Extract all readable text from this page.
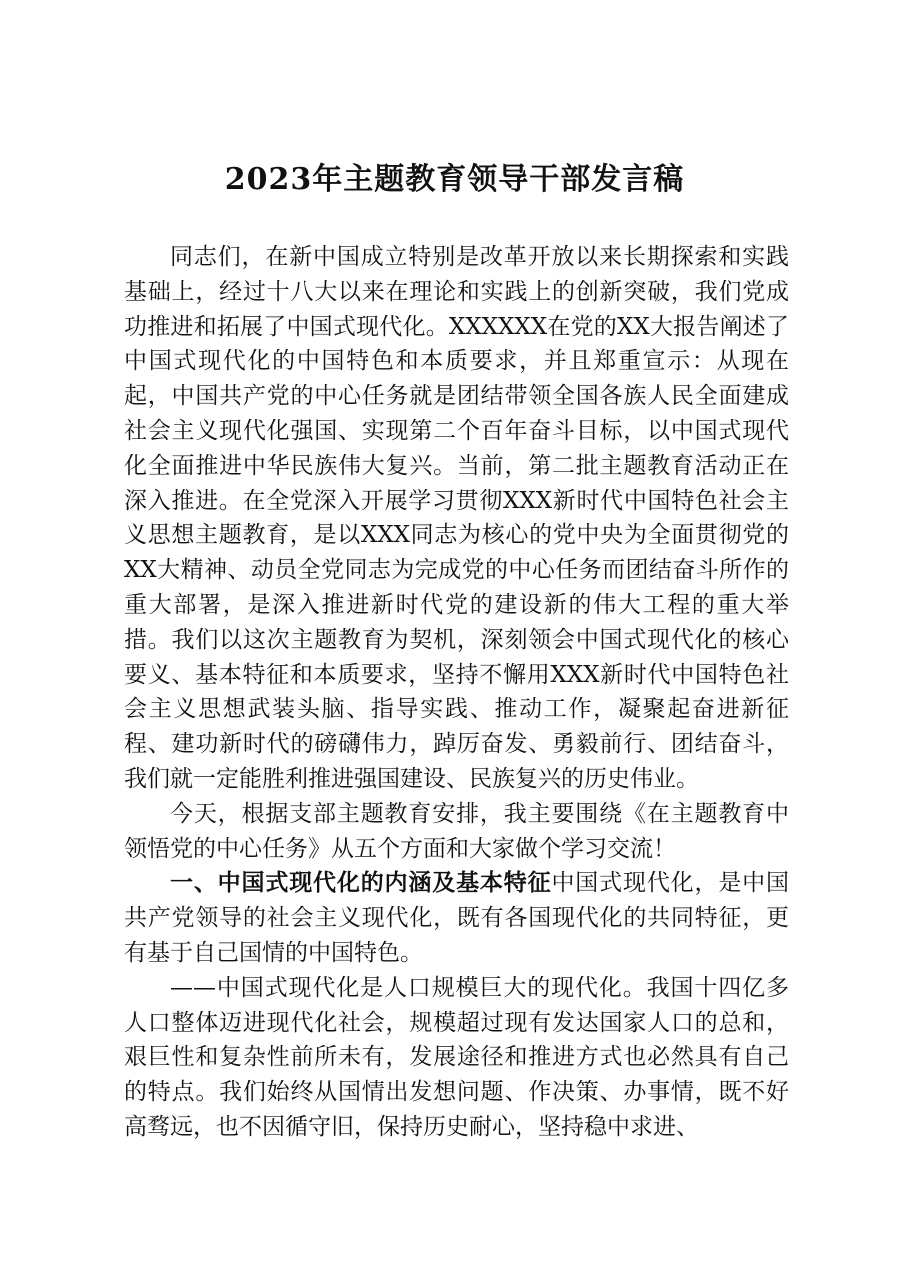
2023年主题教育领导干部发言稿

同志们，在新中国成立特别是改革开放以来长期探索和实践基础上，经过十八大以来在理论和实践上的创新突破，我们党成功推进和拓展了中国式现代化。XXXXXX在党的XX大报告阐述了中国式现代化的中国特色和本质要求，并且郑重宣示：从现在起，中国共产党的中心任务就是团结带领全国各族人民全面建成社会主义现代化强国、实现第二个百年奋斗目标，以中国式现代化全面推进中华民族伟大复兴。当前，第二批主题教育活动正在深入推进。在全党深入开展学习贯彻XXX新时代中国特色社会主义思想主题教育，是以XXX同志为核心的党中央为全面贯彻党的XX大精神、动员全党同志为完成党的中心任务而团结奋斗所作的重大部署，是深入推进新时代党的建设新的伟大工程的重大举措。我们以这次主题教育为契机，深刻领会中国式现代化的核心要义、基本特征和本质要求，坚持不懈用XXX新时代中国特色社会主义思想武装头脑、指导实践、推动工作，凝聚起奋进新征程、建功新时代的磅礴伟力，踔厉奋发、勇毅前行、团结奋斗，我们就一定能胜利推进强国建设、民族复兴的历史伟业。

今天，根据支部主题教育安排，我主要围绕《在主题教育中领悟党的中心任务》从五个方面和大家做个学习交流！

一、中国式现代化的内涵及基本特征中国式现代化，是中国共产党领导的社会主义现代化，既有各国现代化的共同特征，更有基于自己国情的中国特色。

——中国式现代化是人口规模巨大的现代化。我国十四亿多人口整体迈进现代化社会，规模超过现有发达国家人口的总和，艰巨性和复杂性前所未有，发展途径和推进方式也必然具有自己的特点。我们始终从国情出发想问题、作决策、办事情，既不好高骛远，也不因循守旧，保持历史耐心，坚持稳中求进、
